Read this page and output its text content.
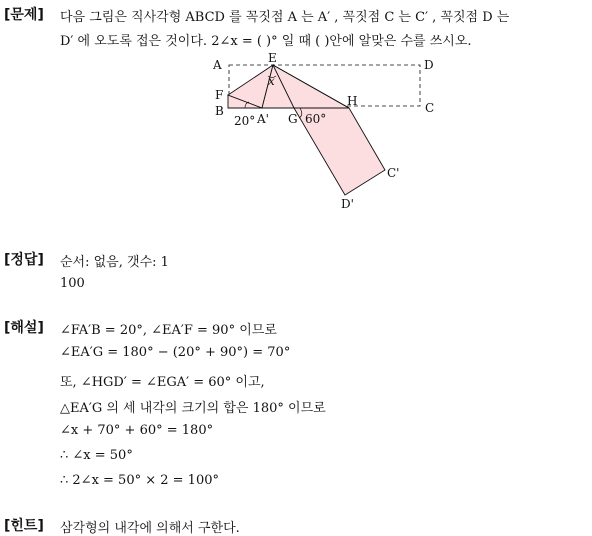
[문제] 다음 그림은 직사각형 ABCD 를 꼭짓점 A 는 A′ , 꼭짓점 C 는 C′ , 꼭짓점 D 는
D′ 에 오도록 접은 것이다. 2∠x = ( )° 일 때 ( )안에 알맞은 수를 쓰시오.
A	D
E
x
F
B
H	C
20° A' G 60°
C'
D'
[정답] 순서: 없음, 갯수: 1
100
[해설] ∠FA′B = 20°, ∠EA′F = 90° 이므로
∠EA′G = 180° − (20° + 90°) = 70°
또, ∠HGD′ = ∠EGA′ = 60° 이고,
△EA′G 의 세 내각의 크기의 합은 180° 이므로
∠x + 70° + 60° = 180°
∴ ∠x = 50°
∴ 2∠x = 50° × 2 = 100°
[힌트] 삼각형의 내각에 의해서 구한다.
